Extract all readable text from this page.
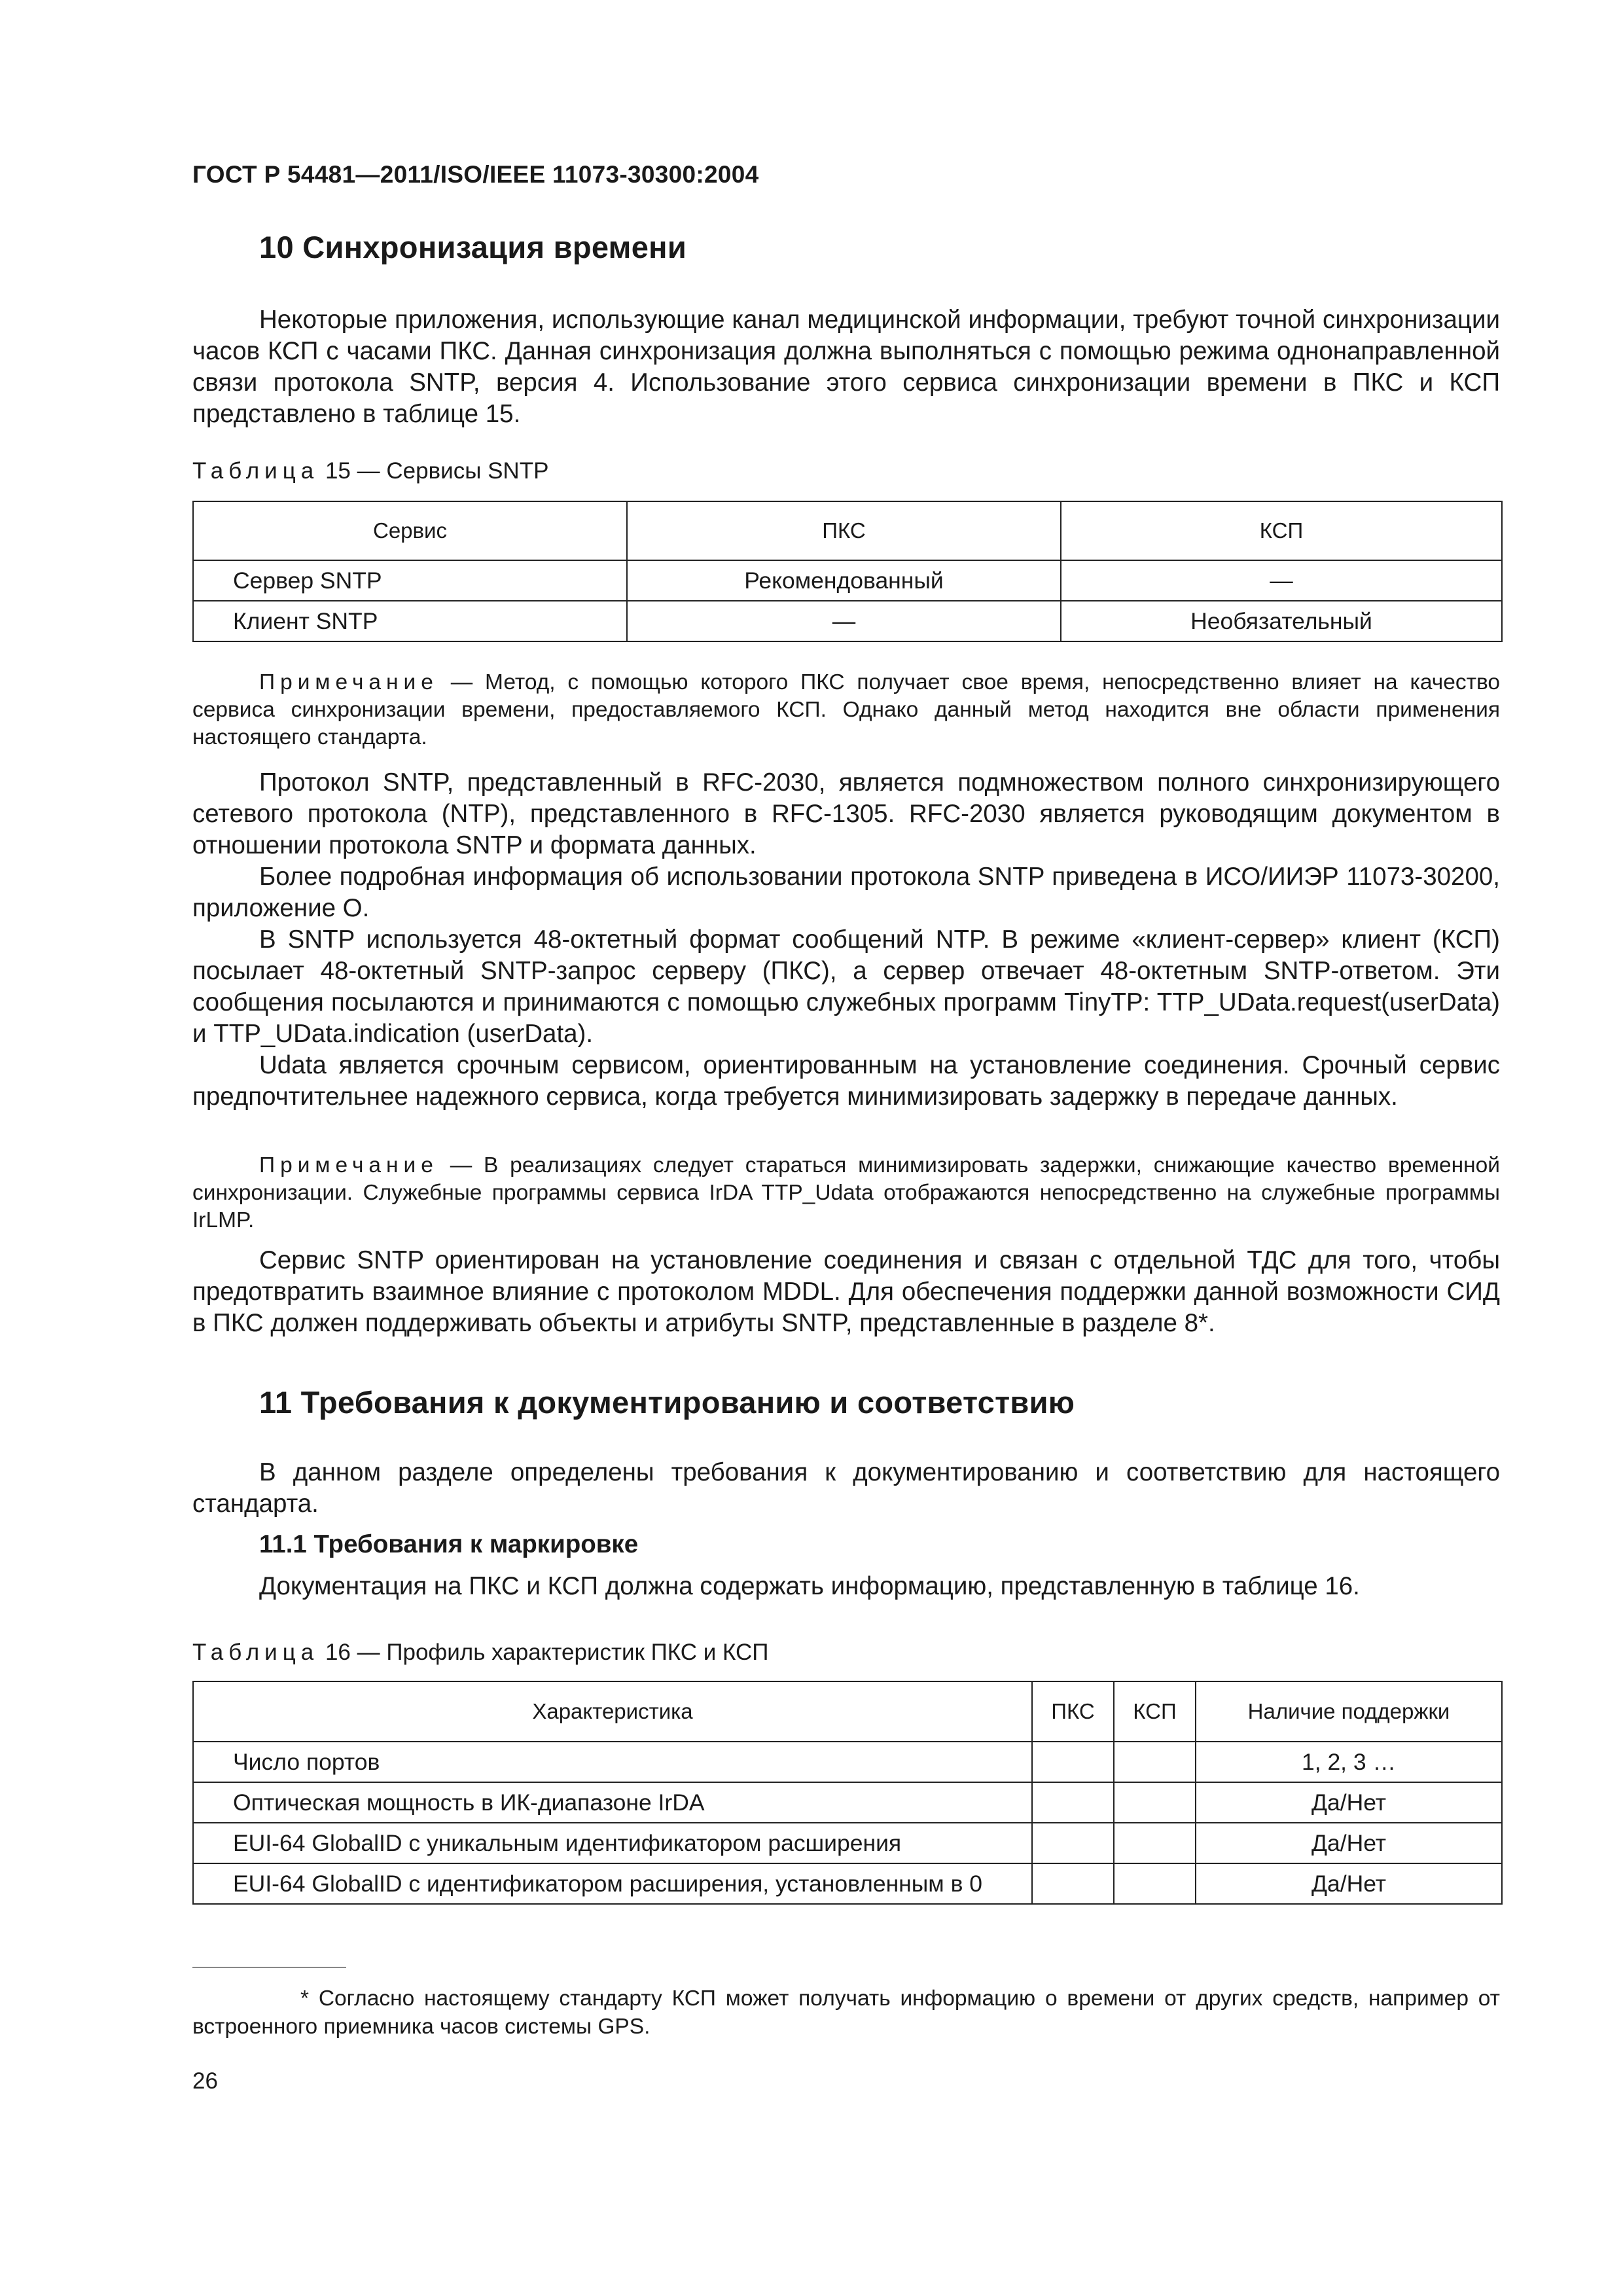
ГОСТ Р 54481—2011/ISO/IEEE 11073-30300:2004
10 Синхронизация времени

Некоторые приложения, использующие канал медицинской информации, требуют точной синхронизации часов КСП с часами ПКС. Данная синхронизация должна выполняться с помощью режима однонаправленной связи протокола SNTP, версия 4. Использование этого сервиса синхронизации времени в ПКС и КСП представлено в таблице 15.

Таблица 15 — Сервисы SNTP
Сервис	ПКС	КСП
Сервер SNTP	Рекомендованный	—
Клиент SNTP	—	Необязательный

Примечание — Метод, с помощью которого ПКС получает свое время, непосредственно влияет на качество сервиса синхронизации времени, предоставляемого КСП. Однако данный метод находится вне области применения настоящего стандарта.

Протокол SNTP, представленный в RFC-2030, является подмножеством полного синхронизирующего сетевого протокола (NTP), представленного в RFC-1305. RFC-2030 является руководящим документом в отношении протокола SNTP и формата данных.

Более подробная информация об использовании протокола SNTP приведена в ИСО/ИИЭР 11073-30200, приложение O.

В SNTP используется 48-октетный формат сообщений NTP. В режиме «клиент-сервер» клиент (КСП) посылает 48-октетный SNTP-запрос серверу (ПКС), а сервер отвечает 48-октетным SNTP-ответом. Эти сообщения посылаются и принимаются с помощью служебных программ TinyTP: TTP_UData.request(userData) и TTP_UData.indication (userData).

Udata является срочным сервисом, ориентированным на установление соединения. Срочный сервис предпочтительнее надежного сервиса, когда требуется минимизировать задержку в передаче данных.

Примечание — В реализациях следует стараться минимизировать задержки, снижающие качество временной синхронизации. Служебные программы сервиса IrDA TTP_Udata отображаются непосредственно на служебные программы IrLMP.

Сервис SNTP ориентирован на установление соединения и связан с отдельной ТДС для того, чтобы предотвратить взаимное влияние с протоколом MDDL. Для обеспечения поддержки данной возможности СИД в ПКС должен поддерживать объекты и атрибуты SNTP, представленные в разделе 8*.

11 Требования к документированию и соответствию

В данном разделе определены требования к документированию и соответствию для настоящего стандарта.

11.1 Требования к маркировке

Документация на ПКС и КСП должна содержать информацию, представленную в таблице 16.

Таблица 16 — Профиль характеристик ПКС и КСП
Характеристика	ПКС	КСП	Наличие поддержки
Число портов			1, 2, 3 …
Оптическая мощность в ИК-диапазоне IrDA			Да/Нет
EUI-64 GlobalID с уникальным идентификатором расширения			Да/Нет
EUI-64 GlobalID с идентификатором расширения, установленным в 0			Да/Нет

* Согласно настоящему стандарту КСП может получать информацию о времени от других средств, например от встроенного приемника часов системы GPS.

26
